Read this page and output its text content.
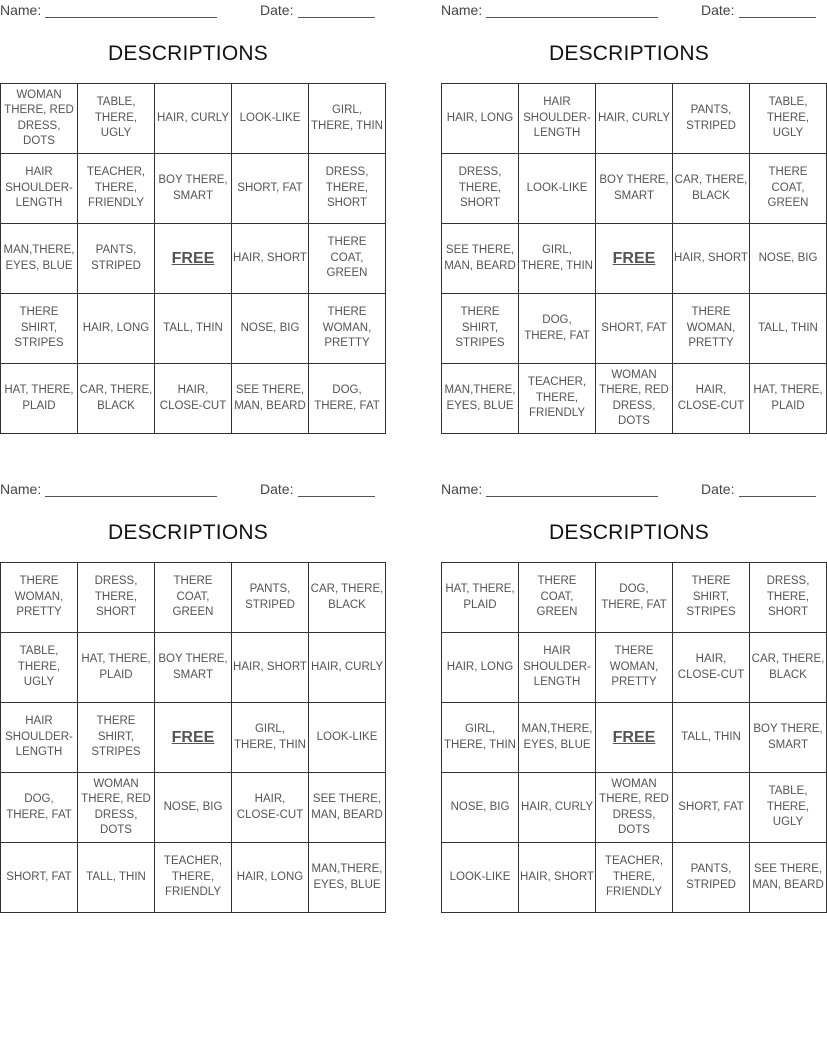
Name:	Date:
DESCRIPTIONS
WOMAN THERE, RED DRESS, DOTS	TABLE, THERE, UGLY	HAIR, CURLY	LOOK-LIKE	GIRL, THERE, THIN
HAIR SHOULDER-LENGTH	TEACHER, THERE, FRIENDLY	BOY THERE, SMART	SHORT, FAT	DRESS, THERE, SHORT
MAN,THERE, EYES, BLUE	PANTS, STRIPED	FREE	HAIR, SHORT	THERE COAT, GREEN
THERE SHIRT, STRIPES	HAIR, LONG	TALL, THIN	NOSE, BIG	THERE WOMAN, PRETTY
HAT, THERE, PLAID	CAR, THERE, BLACK	HAIR, CLOSE-CUT	SEE THERE, MAN, BEARD	DOG, THERE, FAT
Name:	Date:
DESCRIPTIONS
HAIR, LONG	HAIR SHOULDER-LENGTH	HAIR, CURLY	PANTS, STRIPED	TABLE, THERE, UGLY
DRESS, THERE, SHORT	LOOK-LIKE	BOY THERE, SMART	CAR, THERE, BLACK	THERE COAT, GREEN
SEE THERE, MAN, BEARD	GIRL, THERE, THIN	FREE	HAIR, SHORT	NOSE, BIG
THERE SHIRT, STRIPES	DOG, THERE, FAT	SHORT, FAT	THERE WOMAN, PRETTY	TALL, THIN
MAN,THERE, EYES, BLUE	TEACHER, THERE, FRIENDLY	WOMAN THERE, RED DRESS, DOTS	HAIR, CLOSE-CUT	HAT, THERE, PLAID
Name:	Date:
DESCRIPTIONS
THERE WOMAN, PRETTY	DRESS, THERE, SHORT	THERE COAT, GREEN	PANTS, STRIPED	CAR, THERE, BLACK
TABLE, THERE, UGLY	HAT, THERE, PLAID	BOY THERE, SMART	HAIR, SHORT	HAIR, CURLY
HAIR SHOULDER-LENGTH	THERE SHIRT, STRIPES	FREE	GIRL, THERE, THIN	LOOK-LIKE
DOG, THERE, FAT	WOMAN THERE, RED DRESS, DOTS	NOSE, BIG	HAIR, CLOSE-CUT	SEE THERE, MAN, BEARD
SHORT, FAT	TALL, THIN	TEACHER, THERE, FRIENDLY	HAIR, LONG	MAN,THERE, EYES, BLUE
Name:	Date:
DESCRIPTIONS
HAT, THERE, PLAID	THERE COAT, GREEN	DOG, THERE, FAT	THERE SHIRT, STRIPES	DRESS, THERE, SHORT
HAIR, LONG	HAIR SHOULDER-LENGTH	THERE WOMAN, PRETTY	HAIR, CLOSE-CUT	CAR, THERE, BLACK
GIRL, THERE, THIN	MAN,THERE, EYES, BLUE	FREE	TALL, THIN	BOY THERE, SMART
NOSE, BIG	HAIR, CURLY	WOMAN THERE, RED DRESS, DOTS	SHORT, FAT	TABLE, THERE, UGLY
LOOK-LIKE	HAIR, SHORT	TEACHER, THERE, FRIENDLY	PANTS, STRIPED	SEE THERE, MAN, BEARD
